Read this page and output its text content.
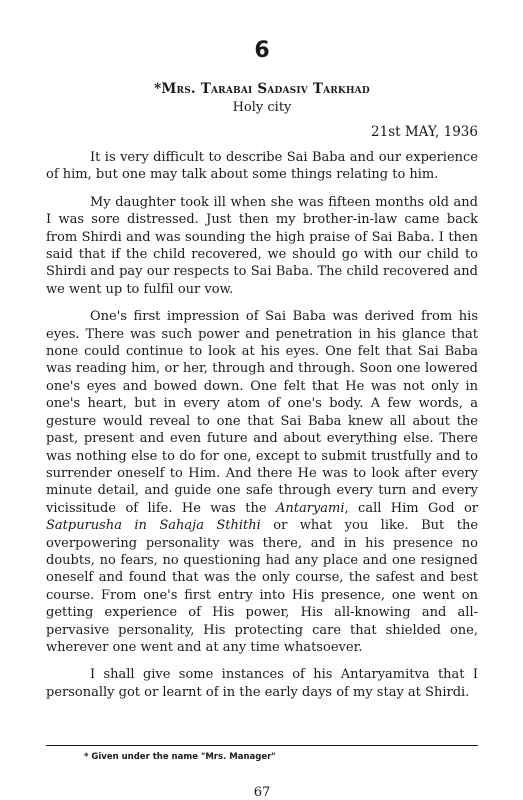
6
*Mrs. Tarabai Sadasiv Tarkhad
Holy city
21st MAY, 1936

It is very difficult to describe Sai Baba and our experience of him, but one may talk about some things relating to him.

My daughter took ill when she was fifteen months old and I was sore distressed. Just then my brother-in-law came back from Shirdi and was sounding the high praise of Sai Baba. I then said that if the child recovered, we should go with our child to Shirdi and pay our respects to Sai Baba. The child recovered and we went up to fulfil our vow.

One's first impression of Sai Baba was derived from his eyes. There was such power and penetration in his glance that none could continue to look at his eyes. One felt that Sai Baba was reading him, or her, through and through. Soon one lowered one's eyes and bowed down. One felt that He was not only in one's heart, but in every atom of one's body. A few words, a gesture would reveal to one that Sai Baba knew all about the past, present and even future and about everything else. There was nothing else to do for one, except to submit trustfully and to surrender oneself to Him. And there He was to look after every minute detail, and guide one safe through every turn and every vicissitude of life. He was the Antaryami, call Him God or Satpurusha in Sahaja Sthithi or what you like. But the overpowering personality was there, and in his presence no doubts, no fears, no questioning had any place and one resigned oneself and found that was the only course, the safest and best course. From one's first entry into His presence, one went on getting experience of His power, His all-knowing and all-pervasive personality, His protecting care that shielded one, wherever one went and at any time whatsoever.

I shall give some instances of his Antaryamitva that I personally got or learnt of in the early days of my stay at Shirdi.

* Given under the name "Mrs. Manager"
67
